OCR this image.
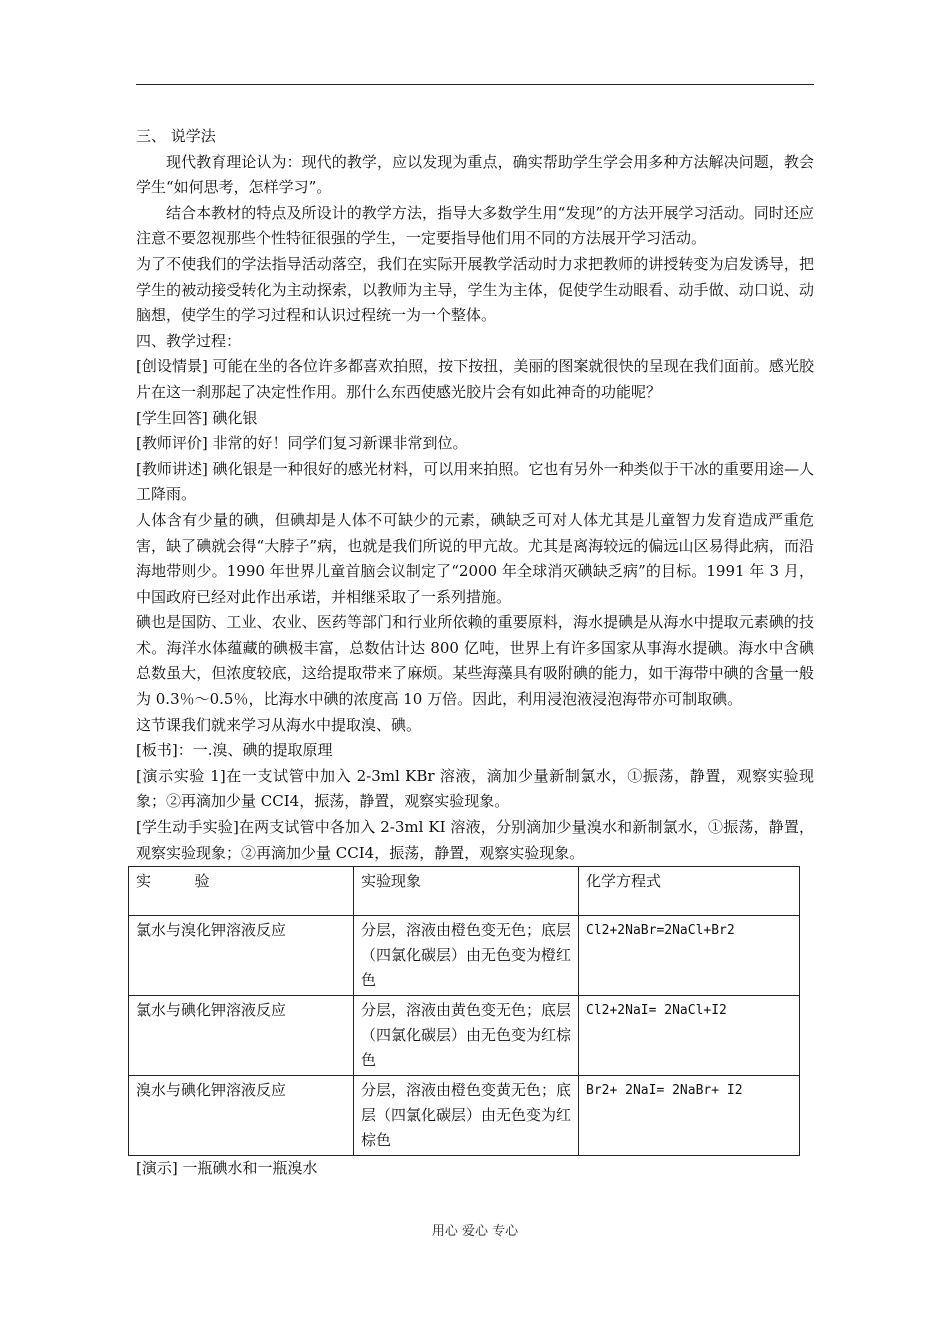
三、 说学法

现代教育理论认为：现代的教学，应以发现为重点，确实帮助学生学会用多种方法解决问题，教会学生“如何思考，怎样学习”。

结合本教材的特点及所设计的教学方法，指导大多数学生用“发现”的方法开展学习活动。同时还应注意不要忽视那些个性特征很强的学生，一定要指导他们用不同的方法展开学习活动。

为了不使我们的学法指导活动落空，我们在实际开展教学活动时力求把教师的讲授转变为启发诱导，把学生的被动接受转化为主动探索，以教师为主导，学生为主体，促使学生动眼看、动手做、动口说、动脑想，使学生的学习过程和认识过程统一为一个整体。

四、教学过程：

[创设情景] 可能在坐的各位许多都喜欢拍照，按下按扭，美丽的图案就很快的呈现在我们面前。感光胶片在这一刹那起了决定性作用。那什么东西使感光胶片会有如此神奇的功能呢？

[学生回答] 碘化银

[教师评价] 非常的好！同学们复习新课非常到位。

[教师讲述] 碘化银是一种很好的感光材料，可以用来拍照。它也有另外一种类似于干冰的重要用途—人工降雨。

人体含有少量的碘，但碘却是人体不可缺少的元素，碘缺乏可对人体尤其是儿童智力发育造成严重危害，缺了碘就会得“大脖子”病，也就是我们所说的甲亢故。尤其是离海较远的偏远山区易得此病，而沿海地带则少。1990 年世界儿童首脑会议制定了“2000 年全球消灭碘缺乏病”的目标。1991 年 3 月，中国政府已经对此作出承诺，并相继采取了一系列措施。

碘也是国防、工业、农业、医药等部门和行业所依赖的重要原料，海水提碘是从海水中提取元素碘的技术。海洋水体蕴藏的碘极丰富，总数估计达 800 亿吨，世界上有许多国家从事海水提碘。海水中含碘总数虽大，但浓度较底，这给提取带来了麻烦。某些海藻具有吸附碘的能力，如干海带中碘的含量一般为 0.3％～0.5％，比海水中碘的浓度高 10 万倍。因此，利用浸泡液浸泡海带亦可制取碘。

这节课我们就来学习从海水中提取溴、碘。

[板书]：一.溴、碘的提取原理

[演示实验 1]在一支试管中加入 2-3ml KBr 溶液，滴加少量新制氯水，①振荡，静置，观察实验现象；②再滴加少量 CCI4，振荡，静置，观察实验现象。

[学生动手实验]在两支试管中各加入 2-3ml KI 溶液，分别滴加少量溴水和新制氯水，①振荡，静置，观察实验现象；②再滴加少量 CCI4，振荡，静置，观察实验现象。

实验	实验现象	化学方程式
氯水与溴化钾溶液反应	分层，溶液由橙色变无色；底层（四氯化碳层）由无色变为橙红色	Cl2+2NaBr=2NaCl+Br2
氯水与碘化钾溶液反应	分层，溶液由黄色变无色；底层（四氯化碳层）由无色变为红棕色	Cl2+2NaI= 2NaCl+I2
溴水与碘化钾溶液反应	分层，溶液由橙色变黄无色；底层（四氯化碳层）由无色变为红棕色	Br2+ 2NaI= 2NaBr+ I2

[演示] 一瓶碘水和一瓶溴水

用心 爱心 专心
